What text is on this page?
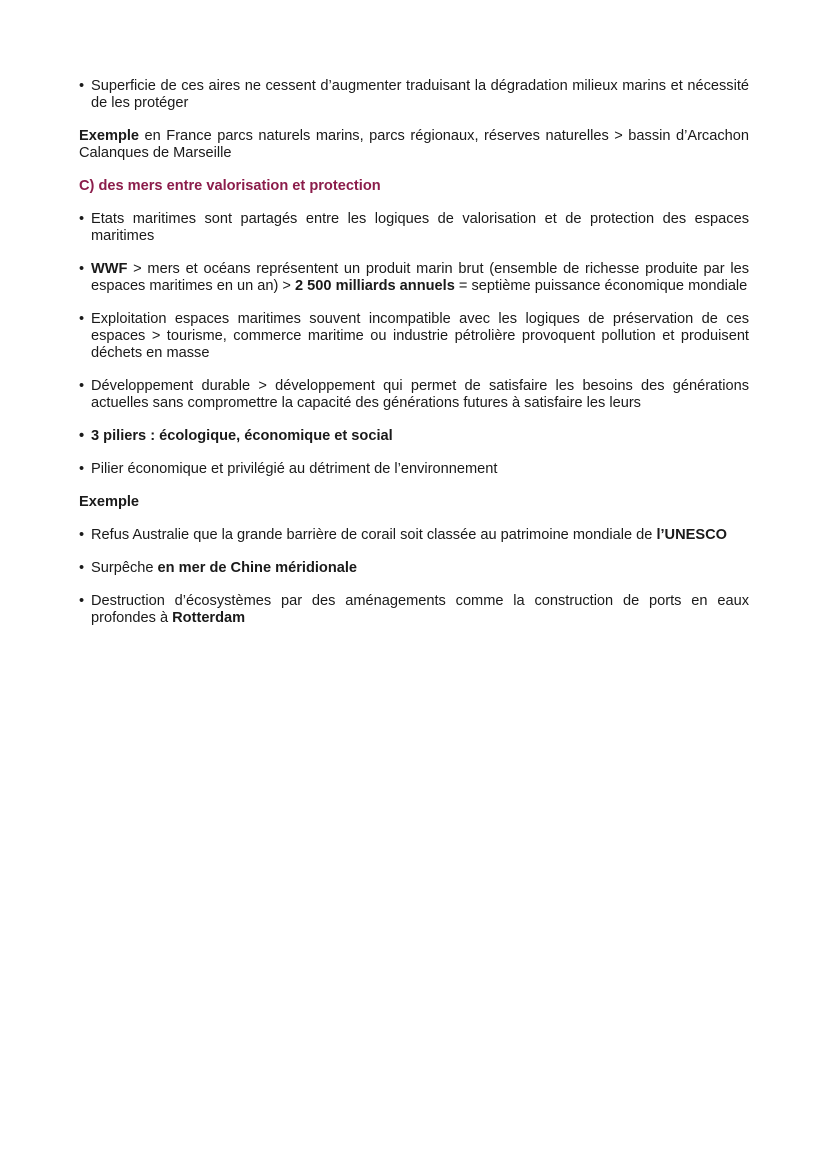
• Superficie de ces aires ne cessent d’augmenter traduisant la dégradation milieux marins et nécessité de les protéger

Exemple en France parcs naturels marins, parcs régionaux, réserves naturelles > bassin d’Arcachon Calanques de Marseille

C) des mers entre valorisation et protection

• Etats maritimes sont partagés entre les logiques de valorisation et de protection des espaces maritimes

• WWF > mers et océans représentent un produit marin brut (ensemble de richesse produite par les espaces maritimes en un an) > 2 500 milliards annuels = septième puissance économique mondiale

• Exploitation espaces maritimes souvent incompatible avec les logiques de préservation de ces espaces > tourisme, commerce maritime ou industrie pétrolière provoquent pollution et produisent déchets en masse

• Développement durable > développement qui permet de satisfaire les besoins des générations actuelles sans compromettre la capacité des générations futures à satisfaire les leurs

• 3 piliers : écologique, économique et social

• Pilier économique et privilégié au détriment de l’environnement

Exemple

• Refus Australie que la grande barrière de corail soit classée au patrimoine mondiale de l’UNESCO

• Surpêche en mer de Chine méridionale

• Destruction d’écosystèmes par des aménagements comme la construction de ports en eaux profondes à Rotterdam
